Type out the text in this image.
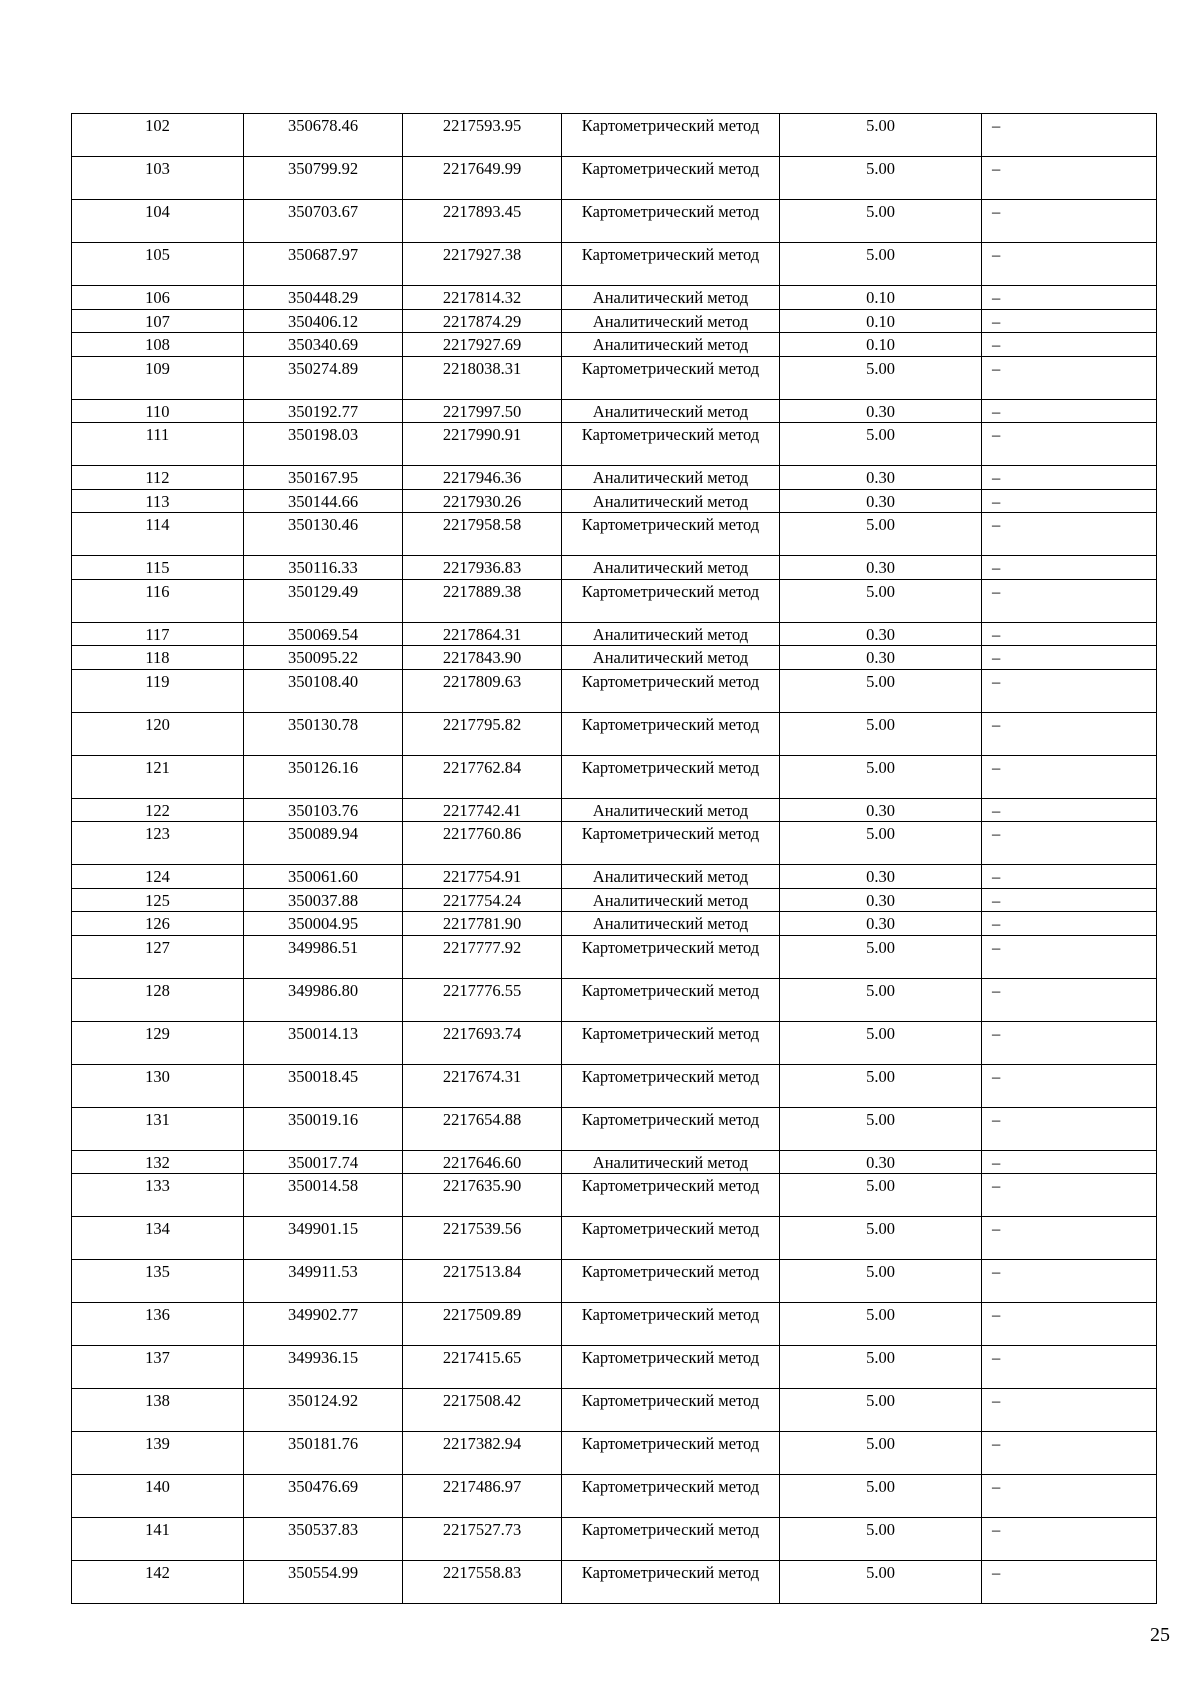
102	350678.46	2217593.95	Картометрический метод	5.00	–
103	350799.92	2217649.99	Картометрический метод	5.00	–
104	350703.67	2217893.45	Картометрический метод	5.00	–
105	350687.97	2217927.38	Картометрический метод	5.00	–
106	350448.29	2217814.32	Аналитический метод	0.10	–
107	350406.12	2217874.29	Аналитический метод	0.10	–
108	350340.69	2217927.69	Аналитический метод	0.10	–
109	350274.89	2218038.31	Картометрический метод	5.00	–
110	350192.77	2217997.50	Аналитический метод	0.30	–
111	350198.03	2217990.91	Картометрический метод	5.00	–
112	350167.95	2217946.36	Аналитический метод	0.30	–
113	350144.66	2217930.26	Аналитический метод	0.30	–
114	350130.46	2217958.58	Картометрический метод	5.00	–
115	350116.33	2217936.83	Аналитический метод	0.30	–
116	350129.49	2217889.38	Картометрический метод	5.00	–
117	350069.54	2217864.31	Аналитический метод	0.30	–
118	350095.22	2217843.90	Аналитический метод	0.30	–
119	350108.40	2217809.63	Картометрический метод	5.00	–
120	350130.78	2217795.82	Картометрический метод	5.00	–
121	350126.16	2217762.84	Картометрический метод	5.00	–
122	350103.76	2217742.41	Аналитический метод	0.30	–
123	350089.94	2217760.86	Картометрический метод	5.00	–
124	350061.60	2217754.91	Аналитический метод	0.30	–
125	350037.88	2217754.24	Аналитический метод	0.30	–
126	350004.95	2217781.90	Аналитический метод	0.30	–
127	349986.51	2217777.92	Картометрический метод	5.00	–
128	349986.80	2217776.55	Картометрический метод	5.00	–
129	350014.13	2217693.74	Картометрический метод	5.00	–
130	350018.45	2217674.31	Картометрический метод	5.00	–
131	350019.16	2217654.88	Картометрический метод	5.00	–
132	350017.74	2217646.60	Аналитический метод	0.30	–
133	350014.58	2217635.90	Картометрический метод	5.00	–
134	349901.15	2217539.56	Картометрический метод	5.00	–
135	349911.53	2217513.84	Картометрический метод	5.00	–
136	349902.77	2217509.89	Картометрический метод	5.00	–
137	349936.15	2217415.65	Картометрический метод	5.00	–
138	350124.92	2217508.42	Картометрический метод	5.00	–
139	350181.76	2217382.94	Картометрический метод	5.00	–
140	350476.69	2217486.97	Картометрический метод	5.00	–
141	350537.83	2217527.73	Картометрический метод	5.00	–
142	350554.99	2217558.83	Картометрический метод	5.00	–
25
